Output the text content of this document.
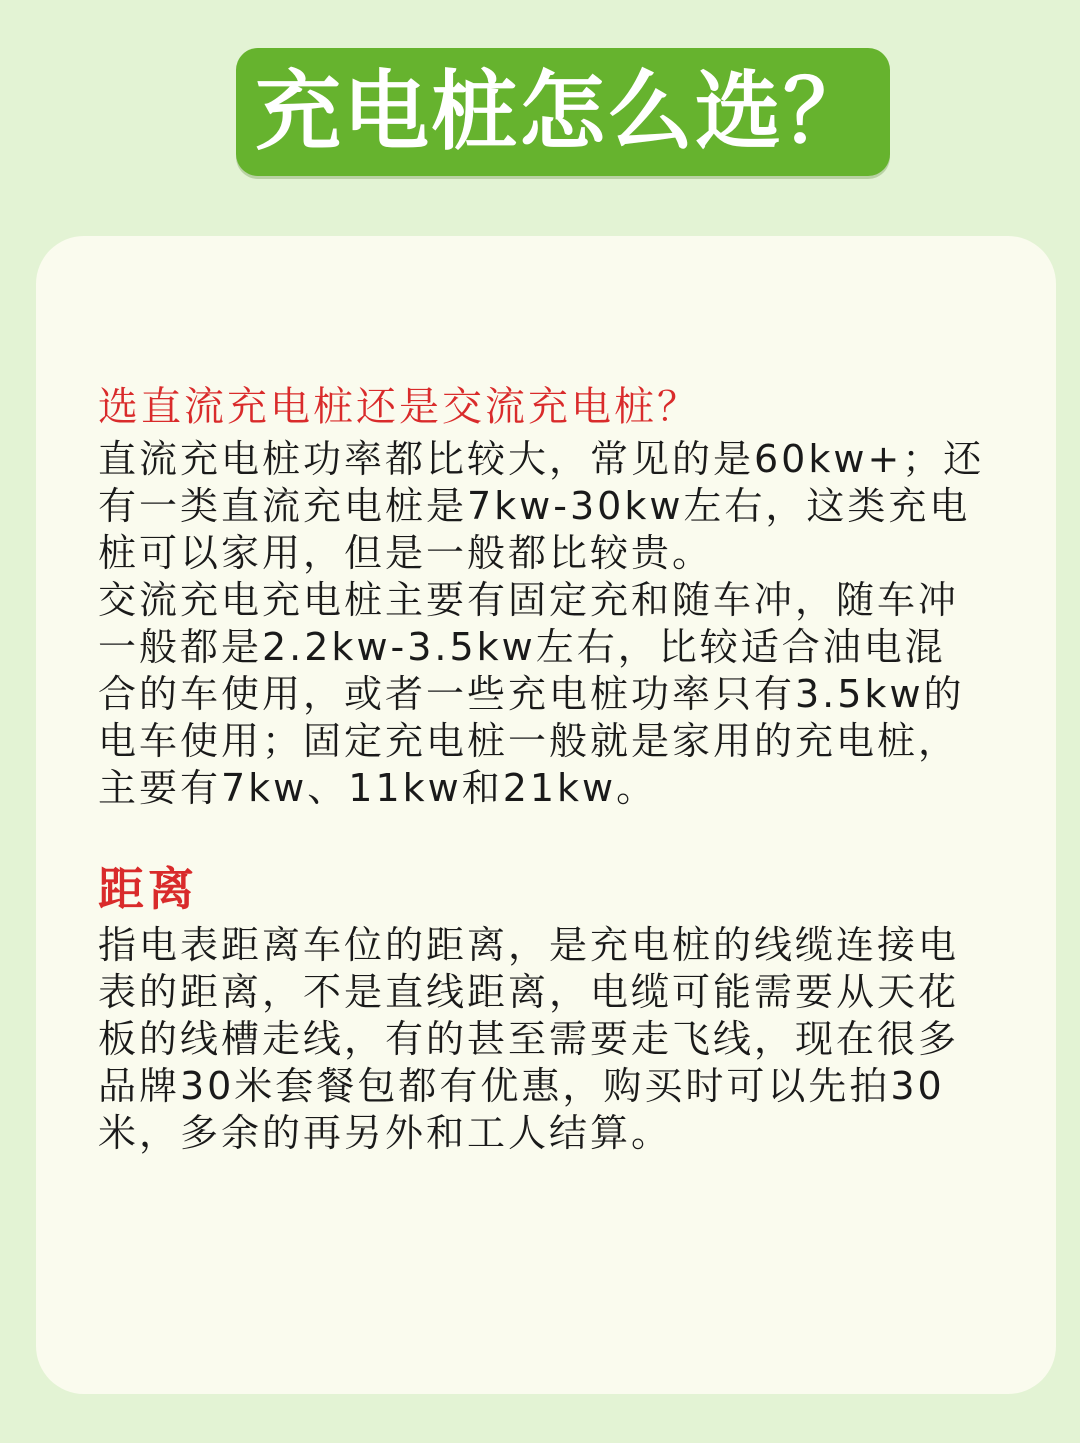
充电桩怎么选？
选直流充电桩还是交流充电桩？
直流充电桩功率都比较大，常见的是60kw+；还
有一类直流充电桩是7kw-30kw左右，这类充电
桩可以家用，但是一般都比较贵。
交流充电充电桩主要有固定充和随车冲，随车冲
一般都是2.2kw-3.5kw左右，比较适合油电混
合的车使用，或者一些充电桩功率只有3.5kw的
电车使用；固定充电桩一般就是家用的充电桩，
主要有7kw、11kw和21kw。
距离
指电表距离车位的距离，是充电桩的线缆连接电
表的距离，不是直线距离，电缆可能需要从天花
板的线槽走线，有的甚至需要走飞线，现在很多
品牌30米套餐包都有优惠，购买时可以先拍30
米，多余的再另外和工人结算。
